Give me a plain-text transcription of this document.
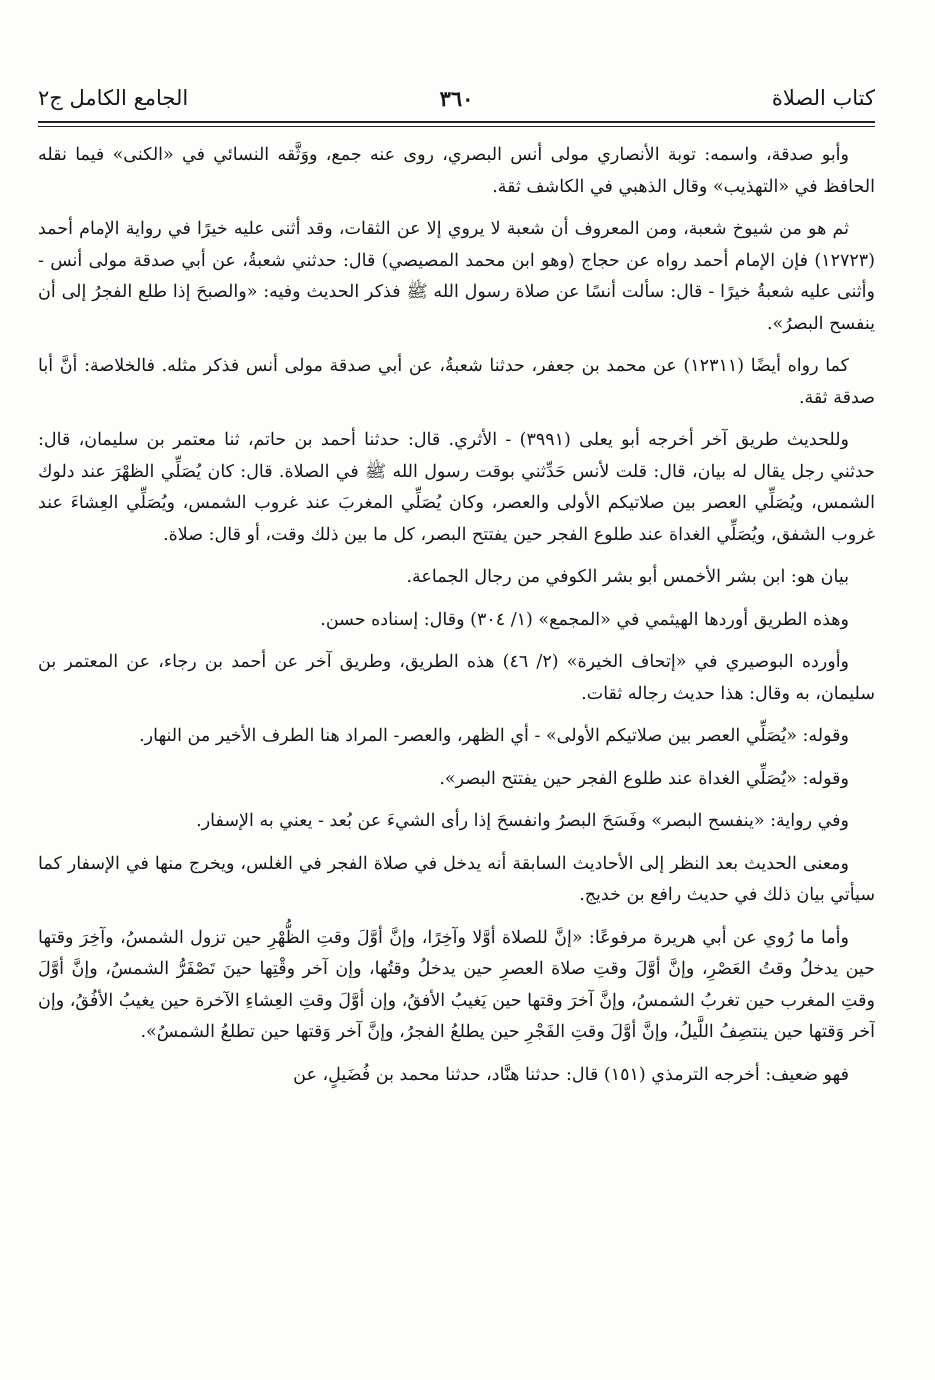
كتاب الصلاة
٣٦٠
الجامع الكامل ج٢

وأبو صدقة، واسمه: توبة الأنصاري مولى أنس البصري، روى عنه جمع، ووَثَّقه النسائي في «الكنى» فيما نقله الحافظ في «التهذيب» وقال الذهبي في الكاشف ثقة.

ثم هو من شيوخ شعبة، ومن المعروف أن شعبة لا يروي إلا عن الثقات، وقد أثنى عليه خيرًا في رواية الإمام أحمد (١٢٧٢٣) فإن الإمام أحمد رواه عن حجاج (وهو ابن محمد المصيصي) قال: حدثني شعبةُ، عن أبي صدقة مولى أنس - وأثنى عليه شعبةُ خيرًا - قال: سألت أنسًا عن صلاة رسول الله ﷺ فذكر الحديث وفيه: «والصبحَ إذا طلع الفجرُ إلى أن ينفسح البصرُ».

كما رواه أيضًا (١٢٣١١) عن محمد بن جعفر، حدثنا شعبةُ، عن أبي صدقة مولى أنس فذكر مثله. فالخلاصة: أنَّ أبا صدقة ثقة.

وللحديث طريق آخر أخرجه أبو يعلى (٣٩٩١) - الأثري. قال: حدثنا أحمد بن حاتم، ثنا معتمر بن سليمان، قال: حدثني رجل يقال له بيان، قال: قلت لأنس حَدِّثني بوقت رسول الله ﷺ في الصلاة. قال: كان يُصَلِّي الظهْرَ عند دلوك الشمس، ويُصَلِّي العصر بين صلاتيكم الأولى والعصر، وكان يُصَلِّي المغربَ عند غروب الشمس، ويُصَلِّي العِشاءَ عند غروب الشفق، ويُصَلِّي الغداة عند طلوع الفجر حين يفتتح البصر، كل ما بين ذلك وقت، أو قال: صلاة.

بيان هو: ابن بشر الأخمس أبو بشر الكوفي من رجال الجماعة.

وهذه الطريق أوردها الهيثمي في «المجمع» (١/ ٣٠٤) وقال: إسناده حسن.

وأورده البوصيري في «إتحاف الخيرة» (٢/ ٤٦) هذه الطريق، وطريق آخر عن أحمد بن رجاء، عن المعتمر بن سليمان، به وقال: هذا حديث رجاله ثقات.

وقوله: «يُصَلِّي العصر بين صلاتيكم الأولى» - أي الظهر، والعصر- المراد هنا الطرف الأخير من النهار.

وقوله: «يُصَلِّي الغداة عند طلوع الفجر حين يفتتح البصر».

وفي رواية: «ينفسح البصر» وفَسَحَ البصرُ وانفسحَ إذا رأى الشيءَ عن بُعد - يعني به الإسفار.

ومعنى الحديث بعد النظر إلى الأحاديث السابقة أنه يدخل في صلاة الفجر في الغلس، ويخرج منها في الإسفار كما سيأتي بيان ذلك في حديث رافع بن خديج.

وأما ما رُوي عن أبي هريرة مرفوعًا: «إنَّ للصلاة أوَّلا وآخِرًا، وإنَّ أوَّلَ وقتِ الظُّهْرِ حين تزول الشمسُ، وآخِرَ وقتها حين يدخلُ وقتُ العَصْرِ، وإنَّ أوَّلَ وقتِ صلاة العصرِ حين يدخلُ وقتُها، وإن آخر وقْتِها حينَ تَصْفَرُّ الشمسُ، وإنَّ أوَّلَ وقتِ المغرب حين تغربُ الشمسُ، وإنَّ آخرَ وقتها حين يَغيبُ الأفقُ، وإن أوَّلَ وقتِ العِشاءِ الآخرة حين يغيبُ الأفُقُ، وإن آخر وَقتها حين ينتصِفُ اللَّيلُ، وإنَّ أوَّلَ وقتِ الفَجْرِ حين يطلعُ الفجرُ، وإنَّ آخر وَقتها حين تطلعُ الشمسُ».

فهو ضعيف: أخرجه الترمذي (١٥١) قال: حدثنا هنَّاد، حدثنا محمد بن فُضَيلٍ، عن
